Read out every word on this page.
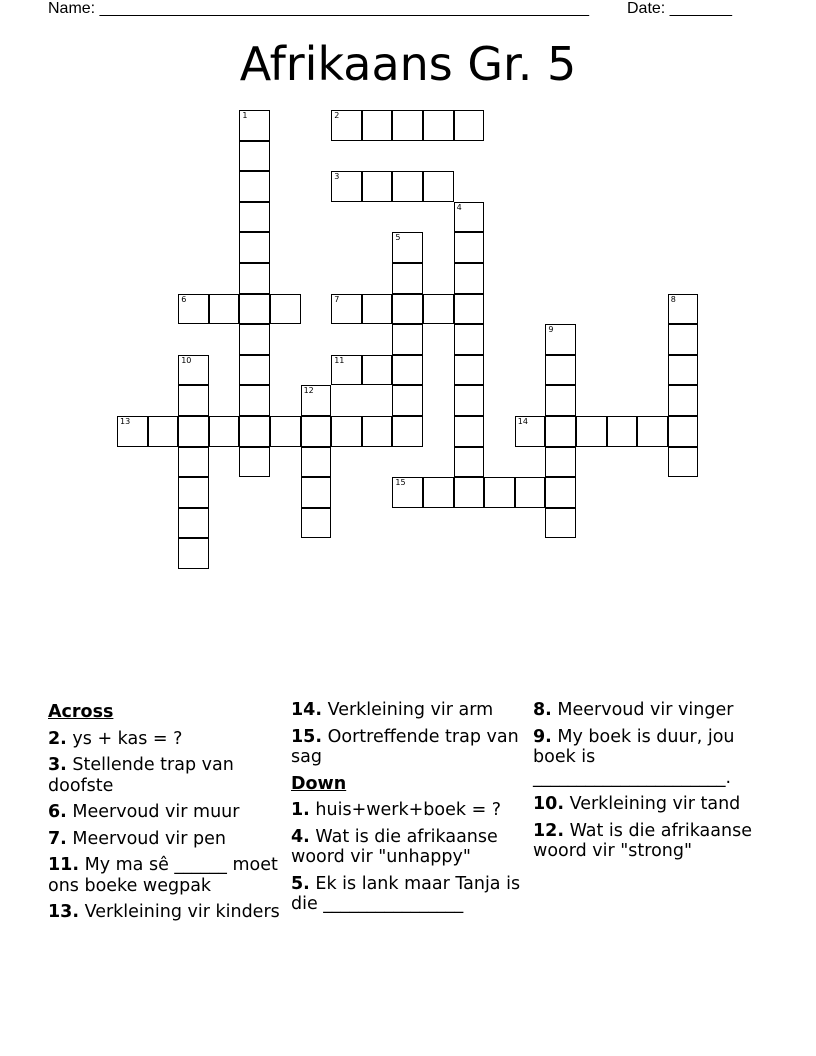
Name: _______________________________________________________ Date: _______
Afrikaans Gr. 5
1	2
3
4
5
6	7	8
9
10	11
12
13	14
15
Across
2. ys + kas = ?
3. Stellende trap van doofste
6. Meervoud vir muur
7. Meervoud vir pen
11. My ma sê ______ moet ons boeke wegpak
13. Verkleining vir kinders
14. Verkleining vir arm
15. Oortreffende trap van sag
Down
1. huis+werk+boek = ?
4. Wat is die afrikaanse woord vir "unhappy"
5. Ek is lank maar Tanja is die ________________
8. Meervoud vir vinger
9. My boek is duur, jou boek is ______________________.
10. Verkleining vir tand
12. Wat is die afrikaanse woord vir "strong"
